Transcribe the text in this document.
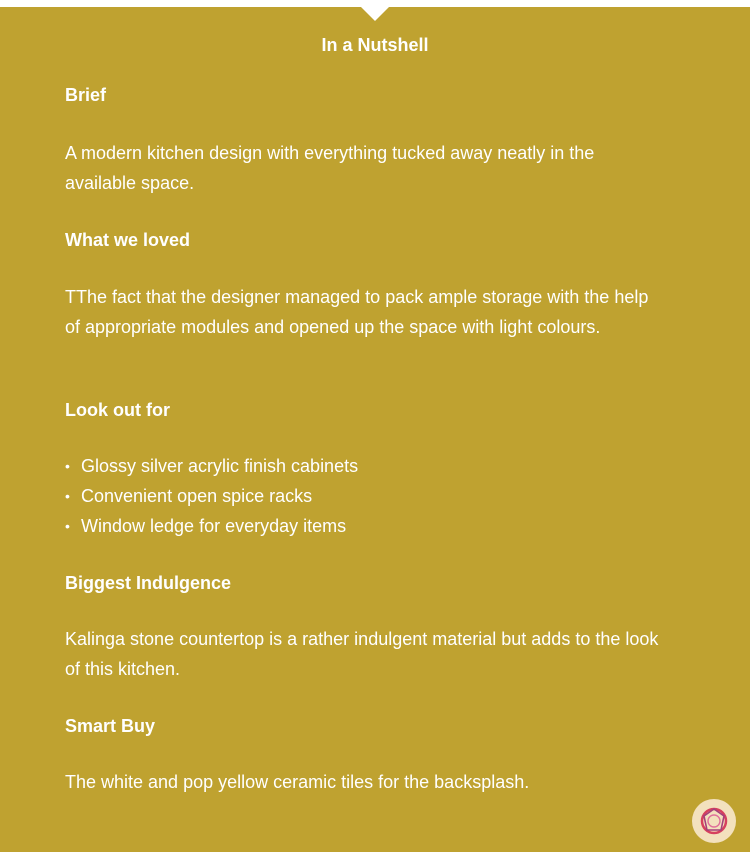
In a Nutshell
Brief

A modern kitchen design with everything tucked away neatly in the available space.

What we loved

TThe fact that the designer managed to pack ample storage with the help of appropriate modules and opened up the space with light colours.

Look out for
• Glossy silver acrylic finish cabinets
• Convenient open spice racks
• Window ledge for everyday items
Biggest Indulgence

Kalinga stone countertop is a rather indulgent material but adds to the look of this kitchen.

Smart Buy

The white and pop yellow ceramic tiles for the backsplash.
